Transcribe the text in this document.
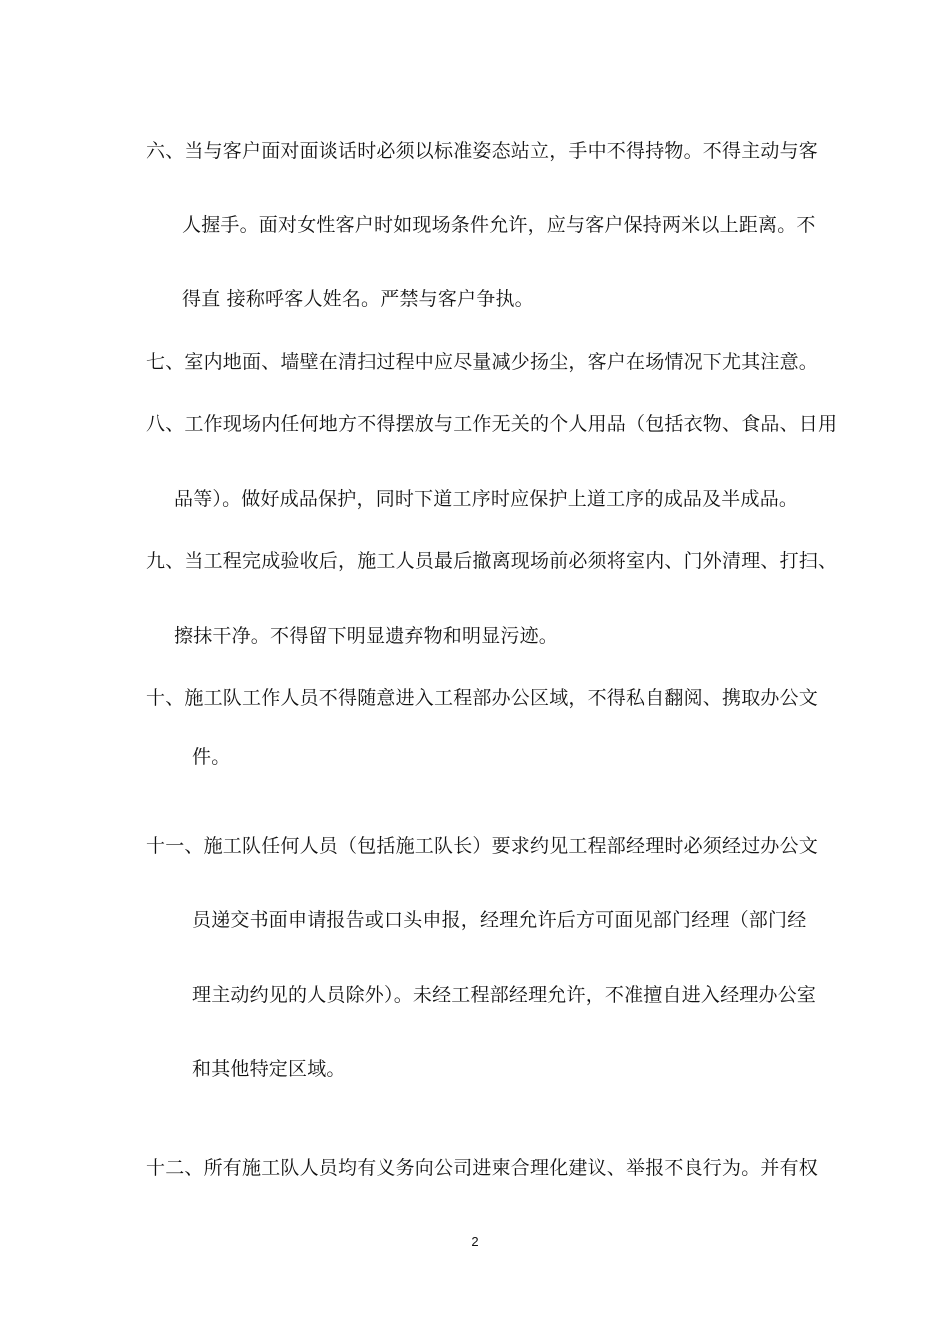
六、当与客户面对面谈话时必须以标准姿态站立，手中不得持物。不得主动与客
人握手。面对女性客户时如现场条件允许，应与客户保持两米以上距离。不
得直 接称呼客人姓名。严禁与客户争执。
七、室内地面、墙壁在清扫过程中应尽量减少扬尘，客户在场情况下尤其注意。
八、工作现场内任何地方不得摆放与工作无关的个人用品（包括衣物、食品、日用
品等）。做好成品保护，同时下道工序时应保护上道工序的成品及半成品。
九、当工程完成验收后，施工人员最后撤离现场前必须将室内、门外清理、打扫、
擦抹干净。不得留下明显遗弃物和明显污迹。
十、施工队工作人员不得随意进入工程部办公区域，不得私自翻阅、携取办公文
件。
十一、施工队任何人员（包括施工队长）要求约见工程部经理时必须经过办公文
员递交书面申请报告或口头申报，经理允许后方可面见部门经理（部门经
理主动约见的人员除外）。未经工程部经理允许，不准擅自进入经理办公室
和其他特定区域。
十二、所有施工队人员均有义务向公司进柬合理化建议、举报不良行为。并有权
2
